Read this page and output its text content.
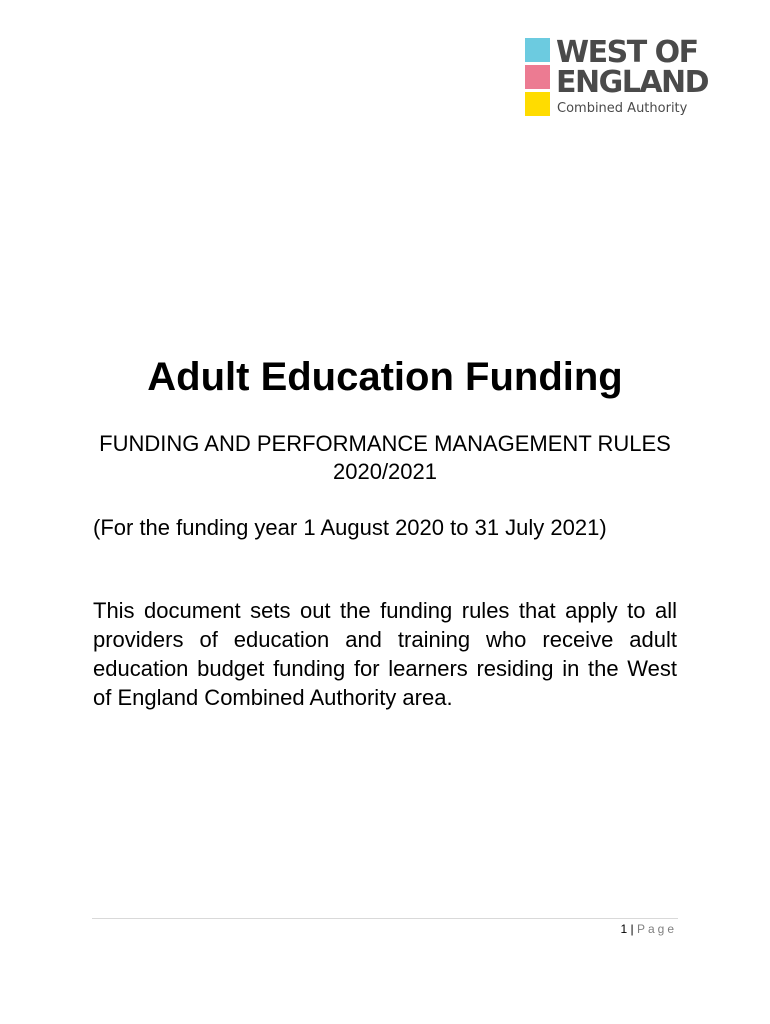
WEST OF
ENGLAND
Combined Authority
Adult Education Funding

FUNDING AND PERFORMANCE MANAGEMENT RULES 2020/2021

(For the funding year 1 August 2020 to 31 July 2021)

This document sets out the funding rules that apply to all providers of education and training who receive adult education budget funding for learners residing in the West of England Combined Authority area.

1 | Page
